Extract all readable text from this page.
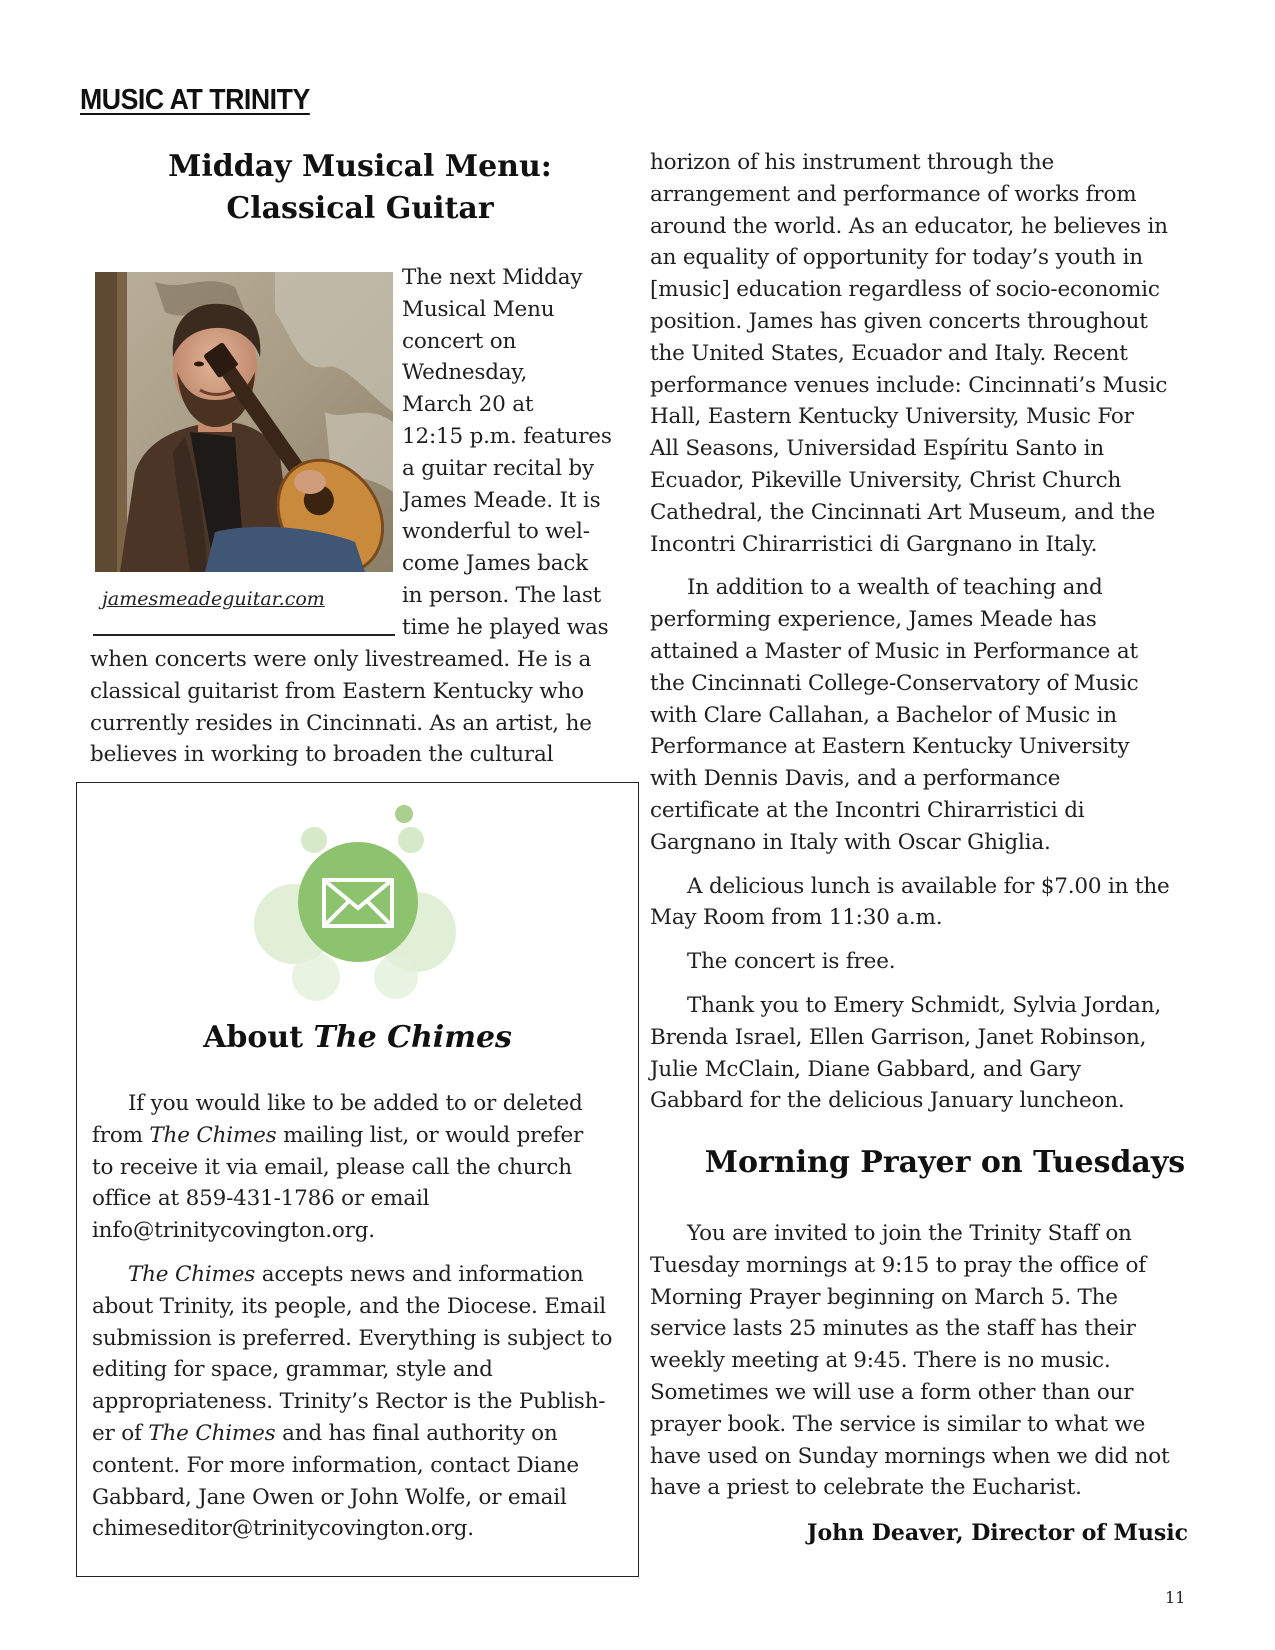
MUSIC AT TRINITY
Midday Musical Menu:
Classical Guitar
jamesmeadeguitar.com
The next Midday
Musical Menu
concert on
Wednesday,
March 20 at
12:15 p.m. features
a guitar recital by
James Meade. It is
wonderful to wel-
come James back
in person. The last
time he played was
when concerts were only livestreamed. He is a
classical guitarist from Eastern Kentucky who
currently resides in Cincinnati. As an artist, he
believes in working to broaden the cultural
About The Chimes
If you would like to be added to or deleted
from The Chimes mailing list, or would prefer
to receive it via email, please call the church
office at 859-431-1786 or email
info@trinitycovington.org.
The Chimes accepts news and information
about Trinity, its people, and the Diocese. Email
submission is preferred. Everything is subject to
editing for space, grammar, style and
appropriateness. Trinity’s Rector is the Publish-
er of The Chimes and has final authority on
content. For more information, contact Diane
Gabbard, Jane Owen or John Wolfe, or email
chimeseditor@trinitycovington.org.
horizon of his instrument through the
arrangement and performance of works from
around the world. As an educator, he believes in
an equality of opportunity for today’s youth in
[music] education regardless of socio-economic
position. James has given concerts throughout
the United States, Ecuador and Italy. Recent
performance venues include: Cincinnati’s Music
Hall, Eastern Kentucky University, Music For
All Seasons, Universidad Espíritu Santo in
Ecuador, Pikeville University, Christ Church
Cathedral, the Cincinnati Art Museum, and the
Incontri Chirarristici di Gargnano in Italy.
In addition to a wealth of teaching and
performing experience, James Meade has
attained a Master of Music in Performance at
the Cincinnati College-Conservatory of Music
with Clare Callahan, a Bachelor of Music in
Performance at Eastern Kentucky University
with Dennis Davis, and a performance
certificate at the Incontri Chirarristici di
Gargnano in Italy with Oscar Ghiglia.
A delicious lunch is available for $7.00 in the
May Room from 11:30 a.m.
The concert is free.
Thank you to Emery Schmidt, Sylvia Jordan,
Brenda Israel, Ellen Garrison, Janet Robinson,
Julie McClain, Diane Gabbard, and Gary
Gabbard for the delicious January luncheon.
Morning Prayer on Tuesdays
You are invited to join the Trinity Staff on
Tuesday mornings at 9:15 to pray the office of
Morning Prayer beginning on March 5. The
service lasts 25 minutes as the staff has their
weekly meeting at 9:45. There is no music.
Sometimes we will use a form other than our
prayer book. The service is similar to what we
have used on Sunday mornings when we did not
have a priest to celebrate the Eucharist.
John Deaver, Director of Music
11
